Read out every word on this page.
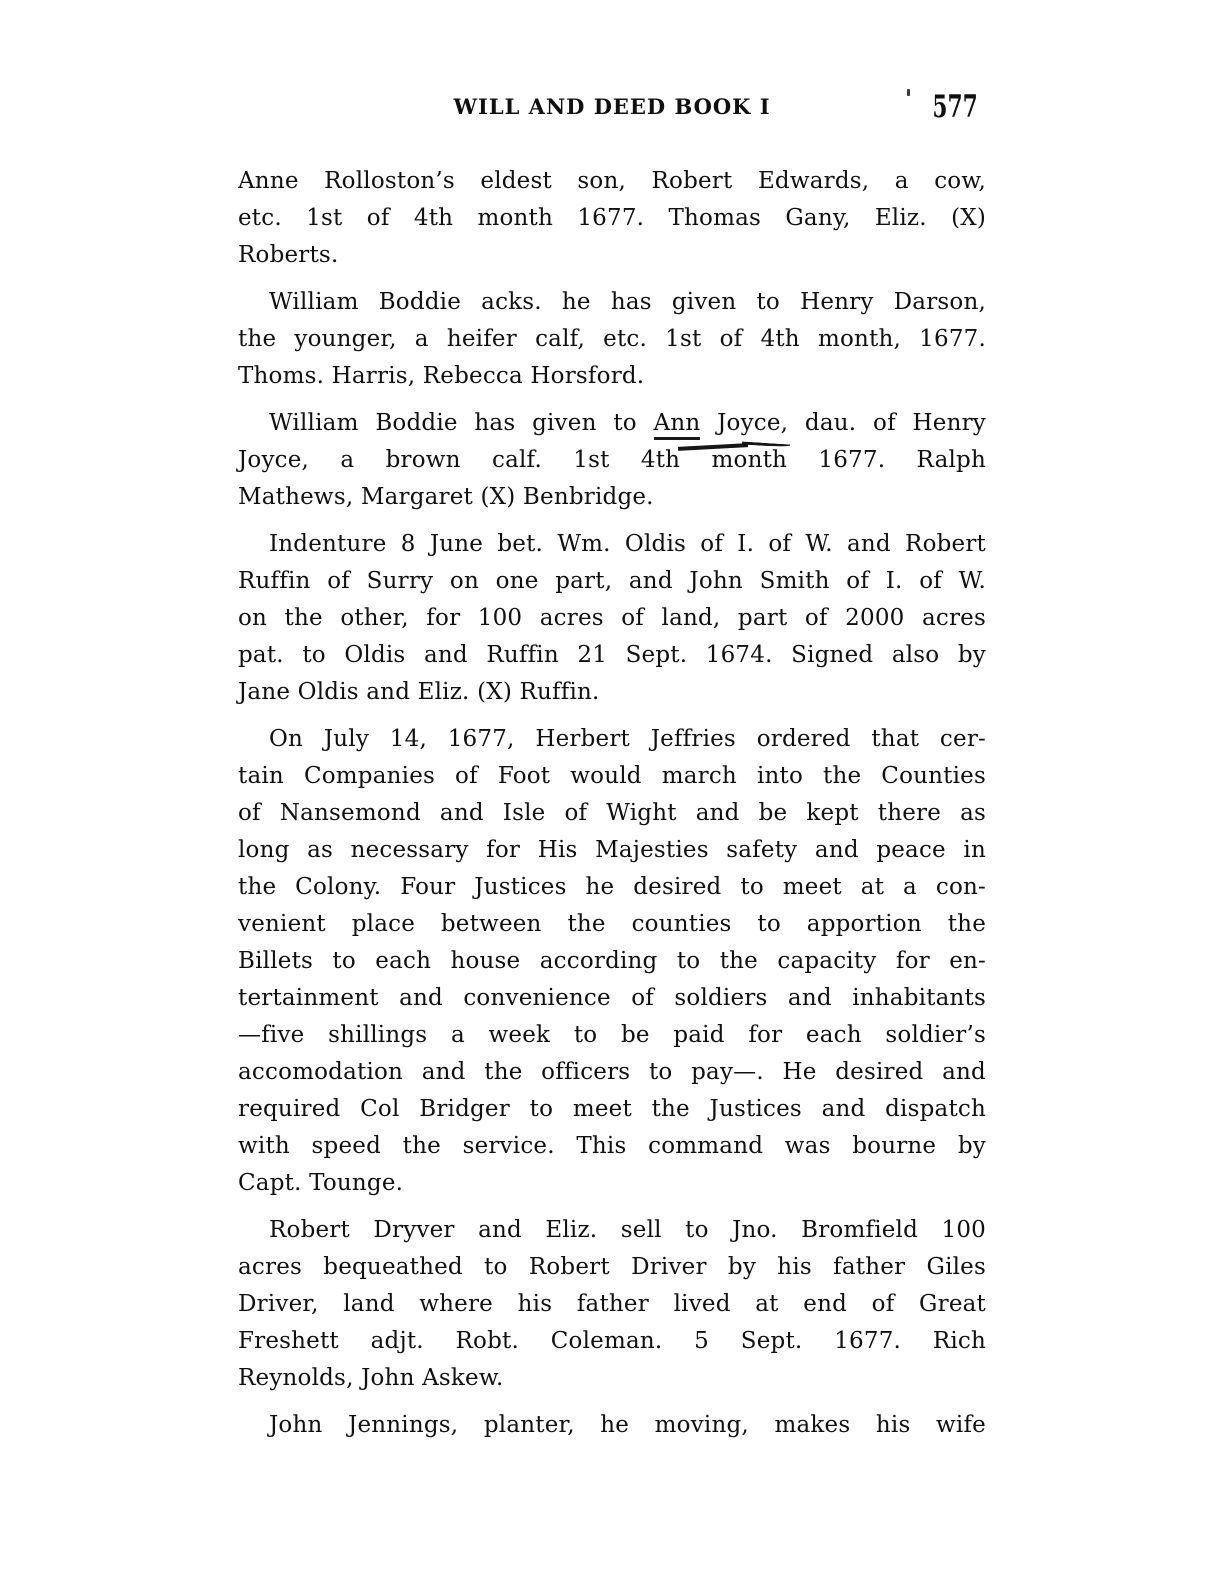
WILL AND DEED BOOK I	577

Anne Rolloston’s eldest son, Robert Edwards, a cow,
etc. 1st of 4th month 1677. Thomas Gany, Eliz. (X)
Roberts.

William Boddie acks. he has given to Henry Darson,
the younger, a heifer calf, etc. 1st of 4th month, 1677.
Thoms. Harris, Rebecca Horsford.

William Boddie has given to Ann Joyce, dau. of Henry
Joyce, a brown calf. 1st 4th month 1677. Ralph
Mathews, Margaret (X) Benbridge.

Indenture 8 June bet. Wm. Oldis of I. of W. and Robert
Ruffin of Surry on one part, and John Smith of I. of W.
on the other, for 100 acres of land, part of 2000 acres
pat. to Oldis and Ruffin 21 Sept. 1674. Signed also by
Jane Oldis and Eliz. (X) Ruffin.

On July 14, 1677, Herbert Jeffries ordered that cer-
tain Companies of Foot would march into the Counties
of Nansemond and Isle of Wight and be kept there as
long as necessary for His Majesties safety and peace in
the Colony. Four Justices he desired to meet at a con-
venient place between the counties to apportion the
Billets to each house according to the capacity for en-
tertainment and convenience of soldiers and inhabitants
—five shillings a week to be paid for each soldier’s
accomodation and the officers to pay—. He desired and
required Col Bridger to meet the Justices and dispatch
with speed the service. This command was bourne by
Capt. Tounge.

Robert Dryver and Eliz. sell to Jno. Bromfield 100
acres bequeathed to Robert Driver by his father Giles
Driver, land where his father lived at end of Great
Freshett adjt. Robt. Coleman. 5 Sept. 1677. Rich
Reynolds, John Askew.

John Jennings, planter, he moving, makes his wife
